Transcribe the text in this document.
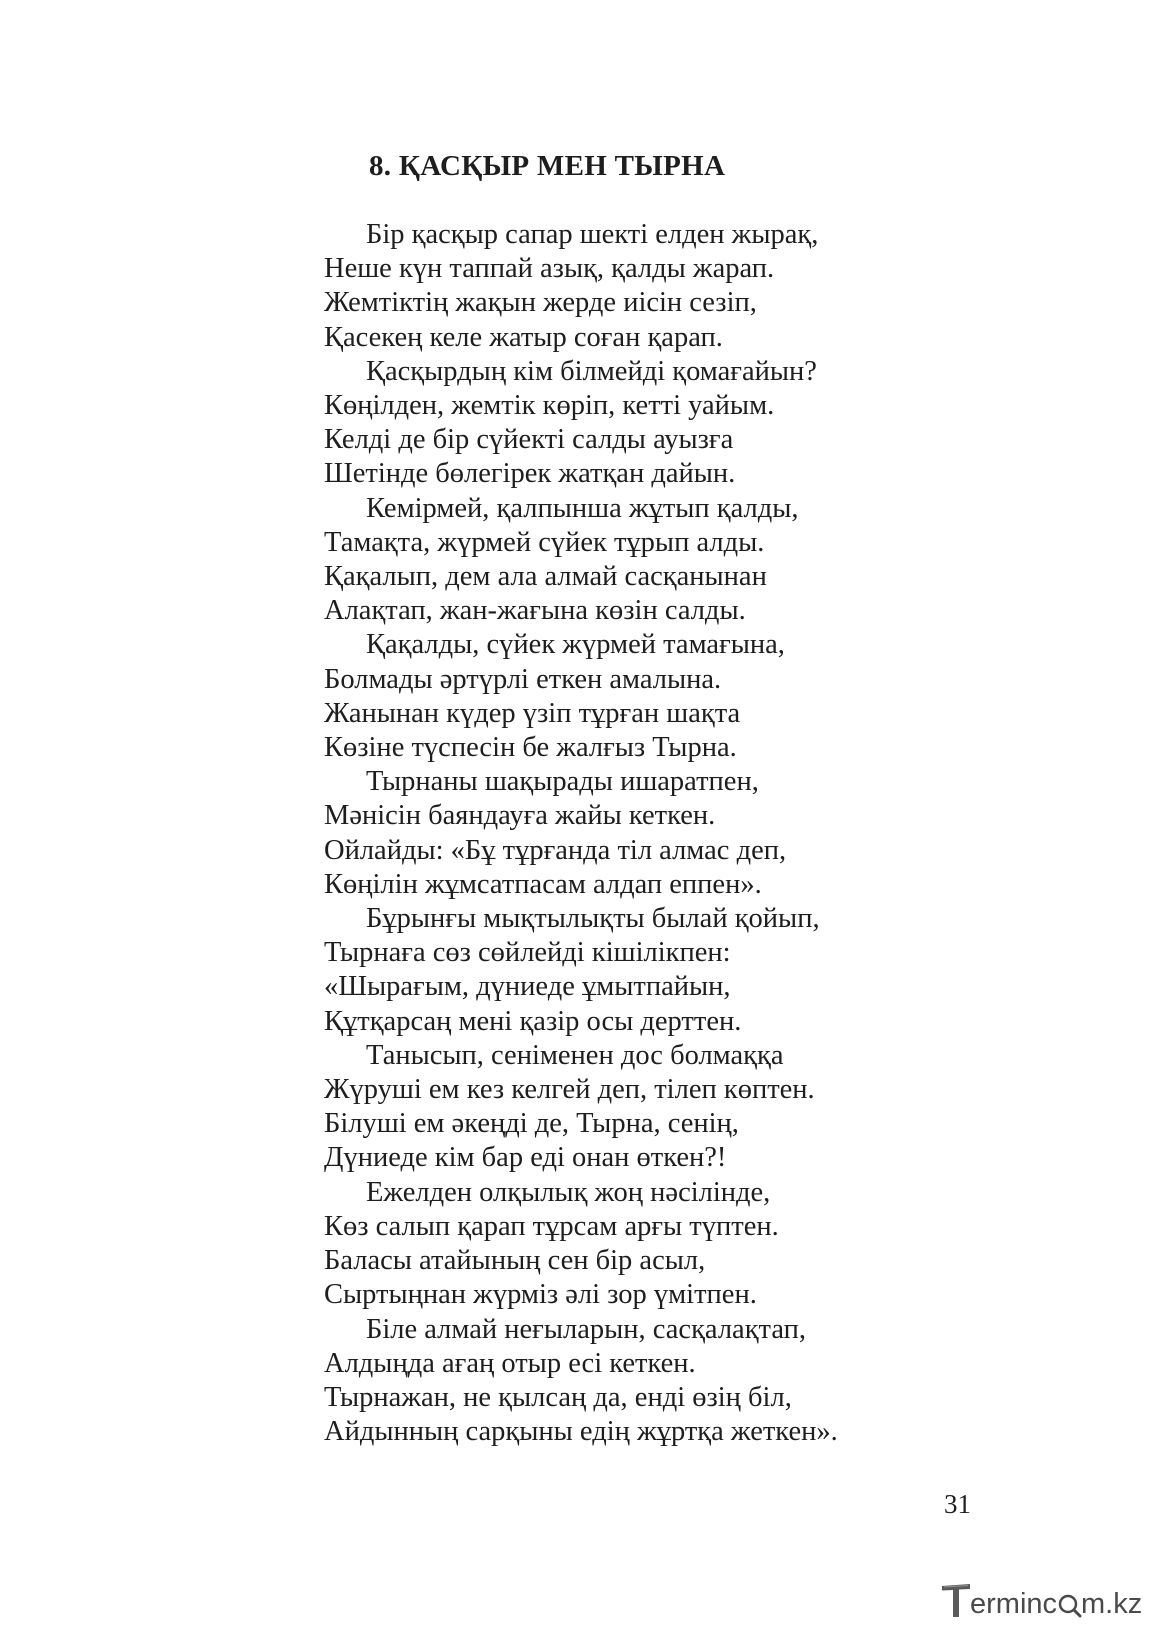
8. ҚАСҚЫР МЕН ТЫРНА
Бір қасқыр сапар шекті елден жырақ,
Неше күн таппай азық, қалды жарап.
Жемтіктің жақын жерде иісін сезіп,
Қасекең келе жатыр соған қарап.
Қасқырдың кім білмейді қомағайын?
Көңілден, жемтік көріп, кетті уайым.
Келді де бір сүйекті салды ауызға
Шетінде бөлегірек жатқан дайын.
Кемірмей, қалпынша жұтып қалды,
Тамақта, жүрмей сүйек тұрып алды.
Қақалып, дем ала алмай сасқанынан
Алақтап, жан-жағына көзін салды.
Қақалды, сүйек жүрмей тамағына,
Болмады әртүрлі еткен амалына.
Жанынан күдер үзіп тұрған шақта
Көзіне түспесін бе жалғыз Тырна.
Тырнаны шақырады ишаратпен,
Мәнісін баяндауға жайы кеткен.
Ойлайды: «Бұ тұрғанда тіл алмас деп,
Көңілін жұмсатпасам алдап еппен».
Бұрынғы мықтылықты былай қойып,
Тырнаға сөз сөйлейді кішілікпен:
«Шырағым, дүниеде ұмытпайын,
Құтқарсаң мені қазір осы дерттен.
Танысып, сеніменен дос болмаққа
Жүруші ем кез келгей деп, тілеп көптен.
Білуші ем әкеңді де, Тырна, сенің,
Дүниеде кім бар еді онан өткен?!
Ежелден олқылық жоң нәсілінде,
Көз салып қарап тұрсам арғы түптен.
Баласы атайының сен бір асыл,
Сыртыңнан жүрміз әлі зор үмітпен.
Біле алмай неғыларын, сасқалақтап,
Алдыңда ағаң отыр есі кеткен.
Тырнажан, не қылсаң да, енді өзің біл,
Айдынның сарқыны едің жұртқа жеткен».
31
erminc m.kz
